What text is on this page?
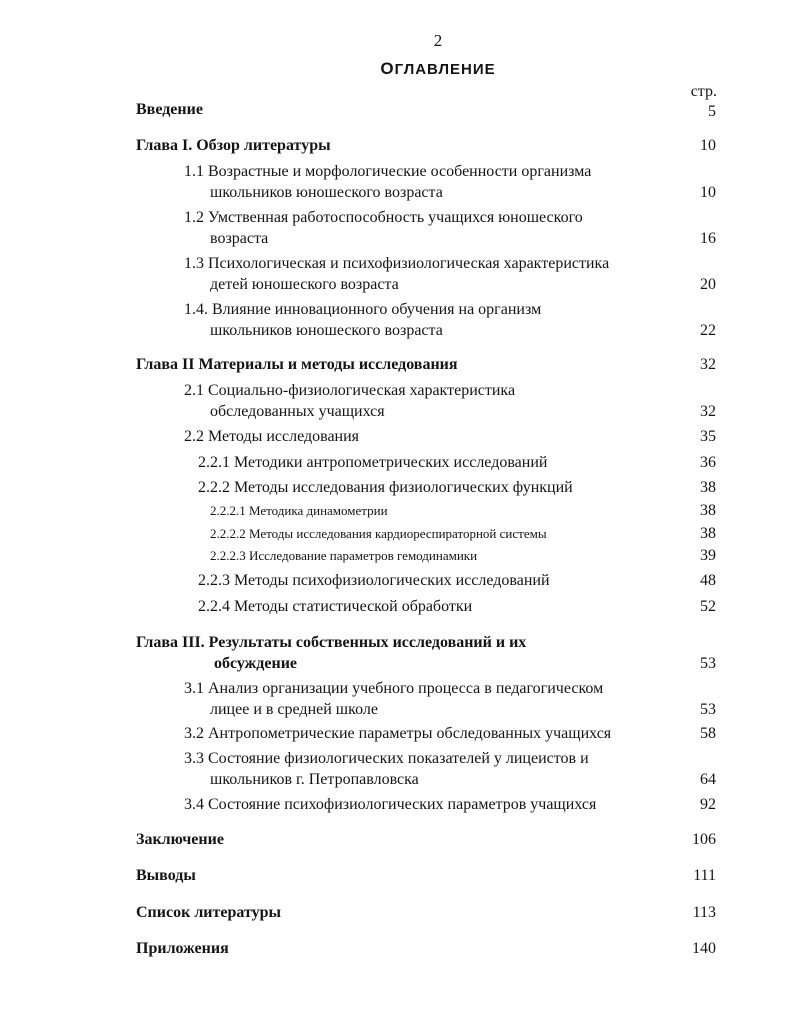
2
ОГЛАВЛЕНИЕ
стр.
Введение	5
Глава I. Обзор литературы	10
1.1 Возрастные и морфологические особенности организма
школьников юношеского возраста	10
1.2 Умственная работоспособность учащихся юношеского
возраста	16
1.3 Психологическая и психофизиологическая характеристика
детей юношеского возраста	20
1.4. Влияние инновационного обучения на организм
школьников юношеского возраста	22
Глава II Материалы и методы исследования	32
2.1 Социально-физиологическая характеристика
обследованных учащихся	32
2.2 Методы исследования	35
2.2.1 Методики антропометрических исследований	36
2.2.2 Методы исследования физиологических функций	38
2.2.2.1 Методика динамометрии	38
2.2.2.2 Методы исследования кардиореспираторной системы	38
2.2.2.3 Исследование параметров гемодинамики	39
2.2.3 Методы психофизиологических исследований	48
2.2.4 Методы статистической обработки	52
Глава III. Результаты собственных исследований и их
обсуждение	53
3.1 Анализ организации учебного процесса в педагогическом
лицее и в средней школе	53
3.2 Антропометрические параметры обследованных учащихся	58
3.3 Состояние физиологических показателей у лицеистов и
школьников г. Петропавловска	64
3.4 Состояние психофизиологических параметров учащихся	92
Заключение	106
Выводы	111
Список литературы	113
Приложения	140
